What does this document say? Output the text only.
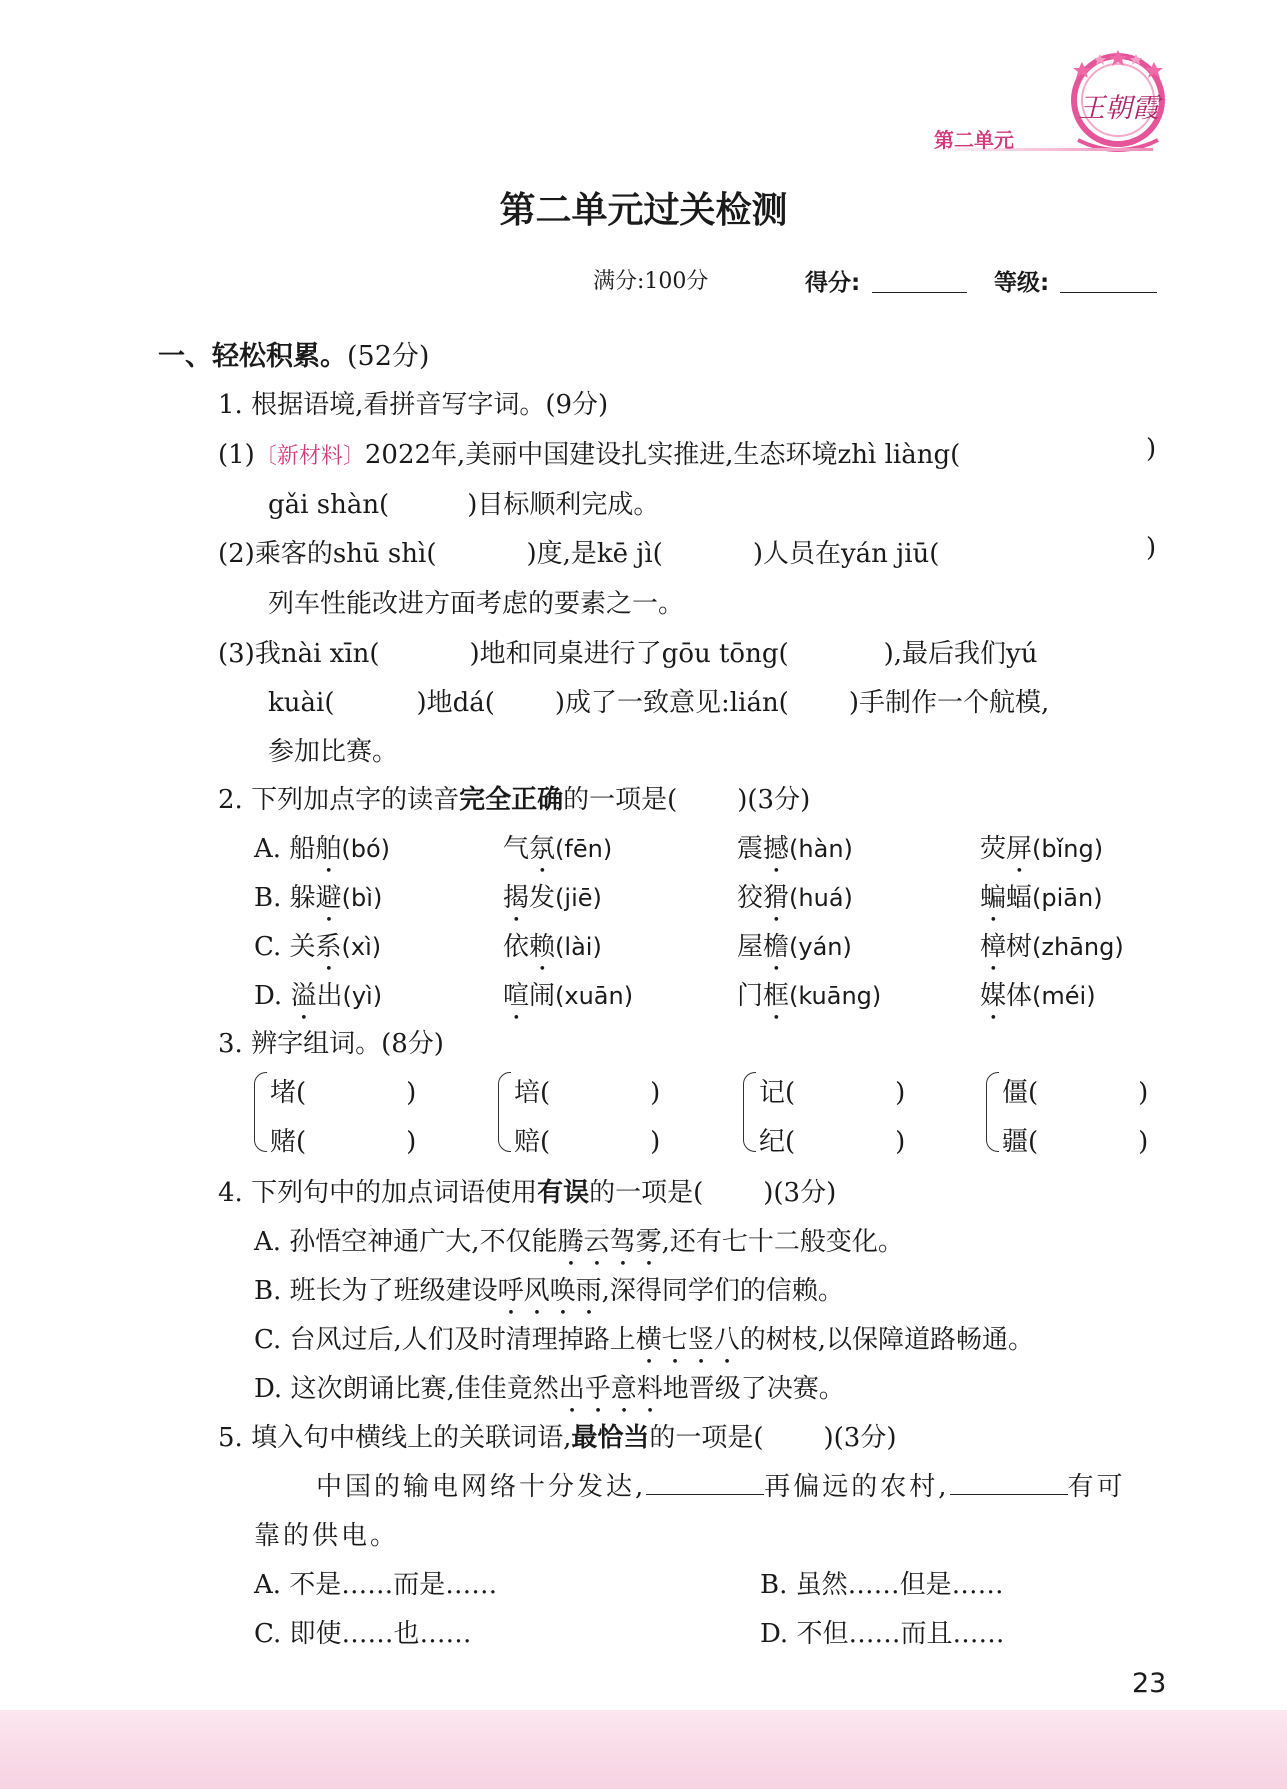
王朝霞
第二单元
第二单元过关检测
满分:100分	得分:	等级:
一、轻松积累。(52分)
1. 根据语境,看拼音写字词。(9分)
(1)〔新材料〕2022年,美丽中国建设扎实推进,生态环境zhì liàng(	)
gǎi shàn(	)目标顺利完成。
(2)乘客的shū shì(	)度,是kē jì(	)人员在yán jiū(	)
列车性能改进方面考虑的要素之一。
(3)我nài xīn(	)地和同桌进行了gōu tōng(	),最后我们yú
kuài(	)地dá( )成了一致意见:lián( )手制作一个航模,
参加比赛。
2. 下列加点字的读音完全正确的一项是( )(3分)
A. 船舶(bó)	气氛(fēn)	震撼(hàn)	荧屏(bǐng)
B. 躲避(bì)	揭发(jiē)	狡猾(huá)	蝙蝠(piān)
C. 关系(xì)	依赖(lài)	屋檐(yán)	樟树(zhāng)
D. 溢出(yì)	喧闹(xuān)	门框(kuāng)	媒体(méi)
3. 辨字组词。(8分)
堵(	)
赌(	)
培(	)
赔(	)
记(	)
纪(	)
僵(	)
疆(	)
4. 下列句中的加点词语使用有误的一项是( )(3分)
A. 孙悟空神通广大,不仅能腾云驾雾,还有七十二般变化。
B. 班长为了班级建设呼风唤雨,深得同学们的信赖。
C. 台风过后,人们及时清理掉路上横七竖八的树枝,以保障道路畅通。
D. 这次朗诵比赛,佳佳竟然出乎意料地晋级了决赛。
5. 填入句中横线上的关联词语,最恰当的一项是( )(3分)
中国的输电网络十分发达,	再偏远的农村,	有可
靠的供电。
A. 不是……而是……	B. 虽然……但是……
C. 即使……也……	D. 不但……而且……
23
